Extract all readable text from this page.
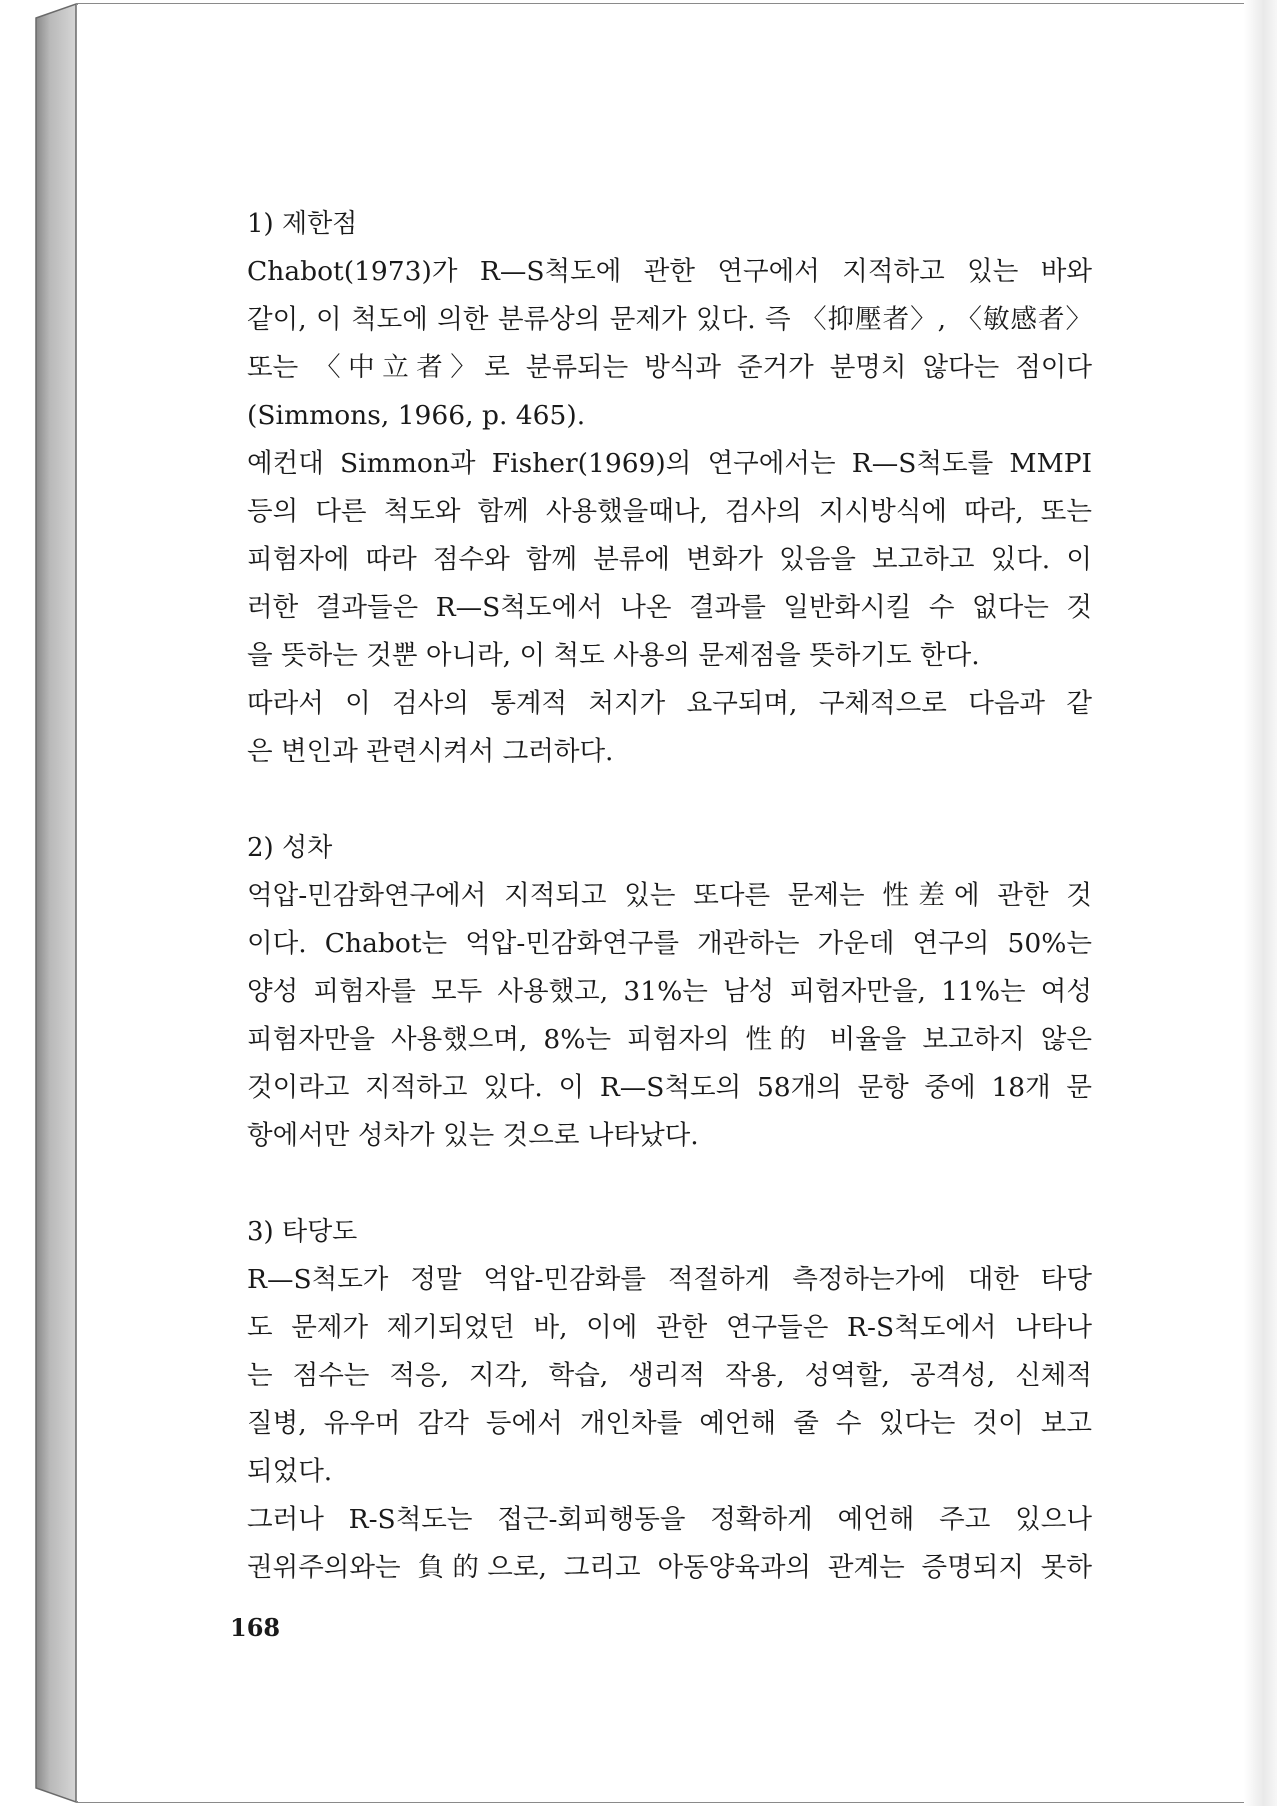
1) 제한점
Chabot(1973)가 R—S척도에 관한 연구에서 지적하고 있는 바와
같이, 이 척도에 의한 분류상의 문제가 있다. 즉 〈抑壓者〉, 〈敏感者〉
또는 〈中立者〉로 분류되는 방식과 준거가 분명치 않다는 점이다
(Simmons, 1966, p. 465).
예컨대 Simmon과 Fisher(1969)의 연구에서는 R—S척도를 MMPI
등의 다른 척도와 함께 사용했을때나, 검사의 지시방식에 따라, 또는
피험자에 따라 점수와 함께 분류에 변화가 있음을 보고하고 있다. 이
러한 결과들은 R—S척도에서 나온 결과를 일반화시킬 수 없다는 것
을 뜻하는 것뿐 아니라, 이 척도 사용의 문제점을 뜻하기도 한다.
따라서 이 검사의 통계적 처지가 요구되며, 구체적으로 다음과 같
은 변인과 관련시켜서 그러하다.
2) 성차
억압-민감화연구에서 지적되고 있는 또다른 문제는 性差에 관한 것
이다. Chabot는 억압-민감화연구를 개관하는 가운데 연구의 50%는
양성 피험자를 모두 사용했고, 31%는 남성 피험자만을, 11%는 여성
피험자만을 사용했으며, 8%는 피험자의 性的 비율을 보고하지 않은
것이라고 지적하고 있다. 이 R—S척도의 58개의 문항 중에 18개 문
항에서만 성차가 있는 것으로 나타났다.
3) 타당도
R—S척도가 정말 억압-민감화를 적절하게 측정하는가에 대한 타당
도 문제가 제기되었던 바, 이에 관한 연구들은 R-S척도에서 나타나
는 점수는 적응, 지각, 학습, 생리적 작용, 성역할, 공격성, 신체적
질병, 유우머 감각 등에서 개인차를 예언해 줄 수 있다는 것이 보고
되었다.
그러나 R-S척도는 접근-회피행동을 정확하게 예언해 주고 있으나
권위주의와는 負的으로, 그리고 아동양육과의 관계는 증명되지 못하
168
